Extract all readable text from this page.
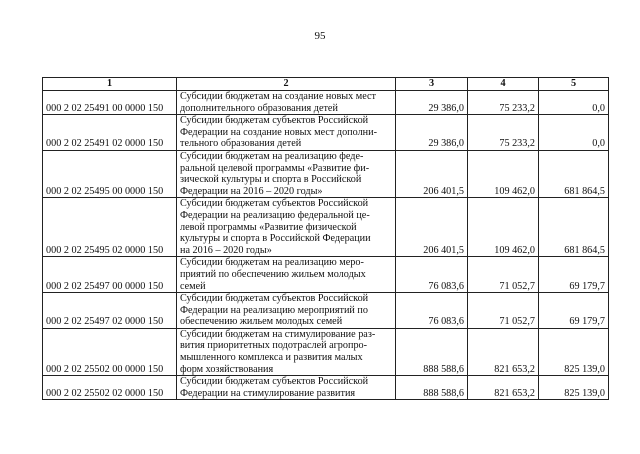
95
1	2	3	4	5
000 2 02 25491 00 0000 150	Субсидии бюджетам на создание новых мест
дополнительного образования детей	29 386,0	75 233,2	0,0
000 2 02 25491 02 0000 150	Субсидии бюджетам субъектов Российской
Федерации на создание новых мест дополни-
тельного образования детей	29 386,0	75 233,2	0,0
000 2 02 25495 00 0000 150	Субсидии бюджетам на реализацию феде-
ральной целевой программы «Развитие фи-
зической культуры и спорта в Российской
Федерации на 2016 – 2020 годы»	206 401,5	109 462,0	681 864,5
000 2 02 25495 02 0000 150	Субсидии бюджетам субъектов Российской
Федерации на реализацию федеральной це-
левой программы «Развитие физической
культуры и спорта в Российской Федерации
на 2016 – 2020 годы»	206 401,5	109 462,0	681 864,5
000 2 02 25497 00 0000 150	Субсидии бюджетам на реализацию меро-
приятий по обеспечению жильем молодых
семей	76 083,6	71 052,7	69 179,7
000 2 02 25497 02 0000 150	Субсидии бюджетам субъектов Российской
Федерации на реализацию мероприятий по
обеспечению жильем молодых семей	76 083,6	71 052,7	69 179,7
000 2 02 25502 00 0000 150	Субсидии бюджетам на стимулирование раз-
вития приоритетных подотраслей агропро-
мышленного комплекса и развития малых
форм хозяйствования	888 588,6	821 653,2	825 139,0
000 2 02 25502 02 0000 150	Субсидии бюджетам субъектов Российской
Федерации на стимулирование развития	888 588,6	821 653,2	825 139,0
